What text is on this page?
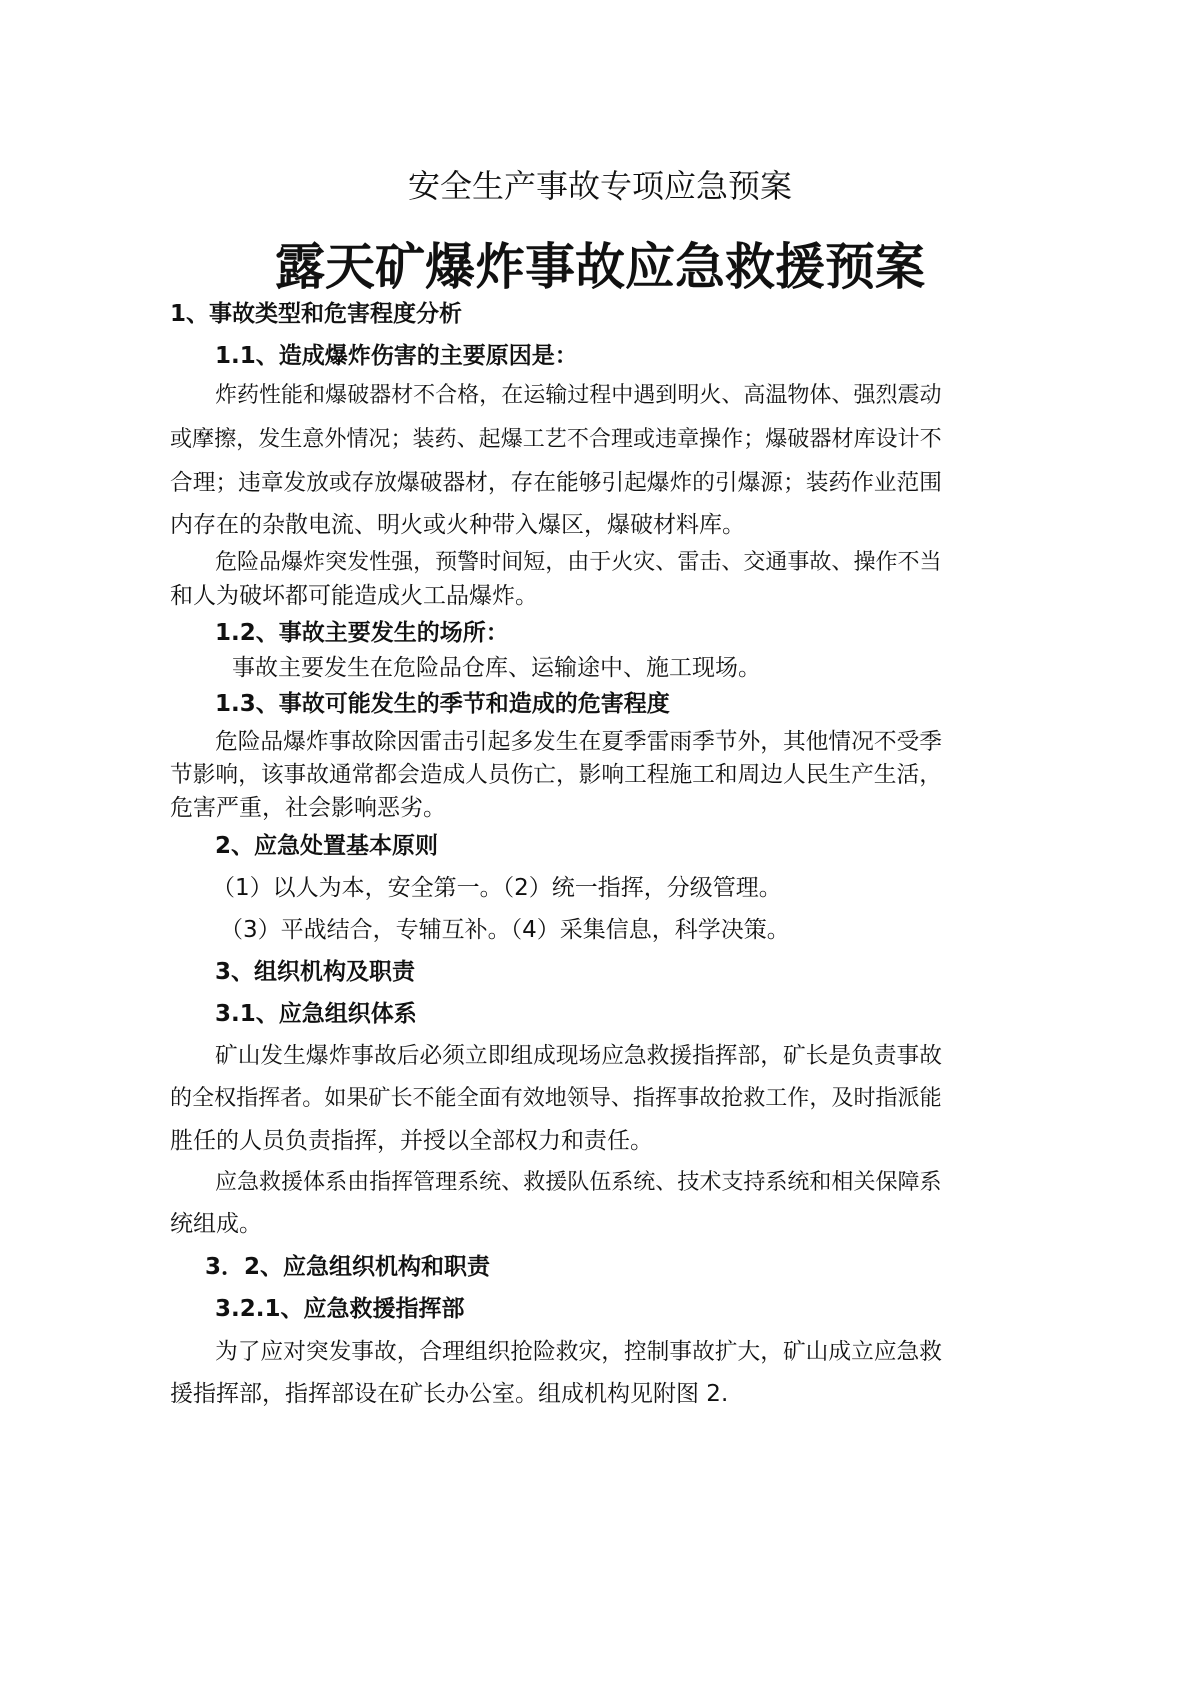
安全生产事故专项应急预案
露天矿爆炸事故应急救援预案
1、事故类型和危害程度分析
1.1、造成爆炸伤害的主要原因是：
炸药性能和爆破器材不合格，在运输过程中遇到明火、高温物体、强烈震动
或摩擦，发生意外情况；装药、起爆工艺不合理或违章操作；爆破器材库设计不
合理；违章发放或存放爆破器材，存在能够引起爆炸的引爆源；装药作业范围
内存在的杂散电流、明火或火种带入爆区，爆破材料库。
危险品爆炸突发性强，预警时间短，由于火灾、雷击、交通事故、操作不当
和人为破坏都可能造成火工品爆炸。
1.2、事故主要发生的场所：
事故主要发生在危险品仓库、运输途中、施工现场。
1.3、事故可能发生的季节和造成的危害程度
危险品爆炸事故除因雷击引起多发生在夏季雷雨季节外，其他情况不受季
节影响，该事故通常都会造成人员伤亡，影响工程施工和周边人民生产生活，
危害严重，社会影响恶劣。
2、应急处置基本原则
（1）以人为本，安全第一。（2）统一指挥，分级管理。
（3）平战结合，专辅互补。（4）采集信息，科学决策。
3、组织机构及职责
3.1、应急组织体系
矿山发生爆炸事故后必须立即组成现场应急救援指挥部，矿长是负责事故
的全权指挥者。如果矿长不能全面有效地领导、指挥事故抢救工作，及时指派能
胜任的人员负责指挥，并授以全部权力和责任。
应急救援体系由指挥管理系统、救援队伍系统、技术支持系统和相关保障系
统组成。
3．2、应急组织机构和职责
3.2.1、应急救援指挥部
为了应对突发事故，合理组织抢险救灾，控制事故扩大，矿山成立应急救
援指挥部，指挥部设在矿长办公室。组成机构见附图 2.
